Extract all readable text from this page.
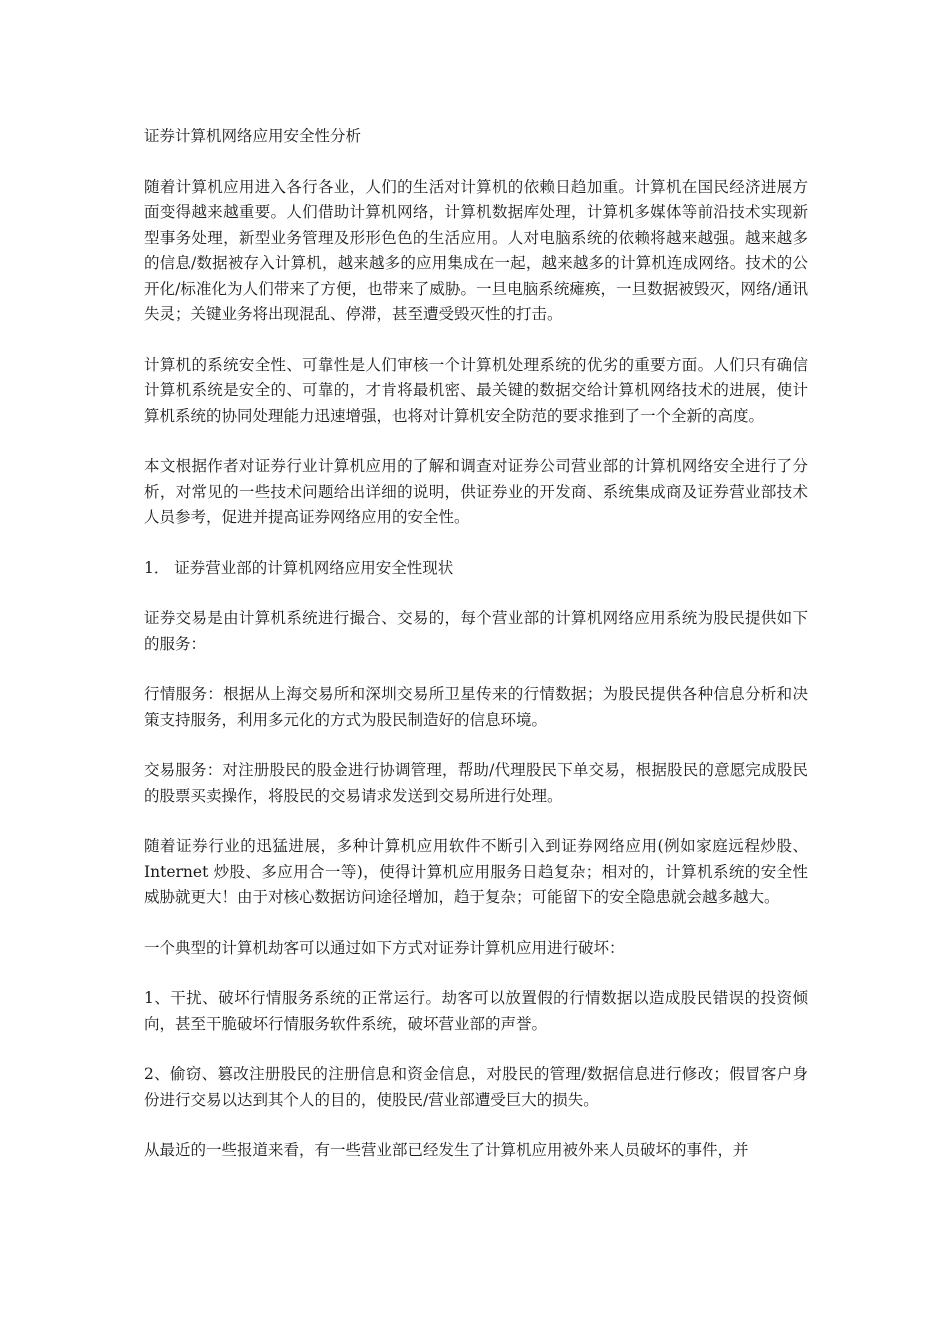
证券计算机网络应用安全性分析

随着计算机应用进入各行各业，人们的生活对计算机的依赖日趋加重。计算机在国民经济进展方面变得越来越重要。人们借助计算机网络，计算机数据库处理，计算机多媒体等前沿技术实现新型事务处理，新型业务管理及形形色色的生活应用。人对电脑系统的依赖将越来越强。越来越多的信息/数据被存入计算机，越来越多的应用集成在一起，越来越多的计算机连成网络。技术的公开化/标准化为人们带来了方便，也带来了威胁。一旦电脑系统瘫痪，一旦数据被毁灭，网络/通讯失灵；关键业务将出现混乱、停滞，甚至遭受毁灭性的打击。

计算机的系统安全性、可靠性是人们审核一个计算机处理系统的优劣的重要方面。人们只有确信计算机系统是安全的、可靠的，才肯将最机密、最关键的数据交给计算机网络技术的进展，使计算机系统的协同处理能力迅速增强，也将对计算机安全防范的要求推到了一个全新的高度。

本文根据作者对证券行业计算机应用的了解和调查对证券公司营业部的计算机网络安全进行了分析，对常见的一些技术问题给出详细的说明，供证券业的开发商、系统集成商及证券营业部技术人员参考，促进并提高证券网络应用的安全性。

1． 证券营业部的计算机网络应用安全性现状

证券交易是由计算机系统进行撮合、交易的，每个营业部的计算机网络应用系统为股民提供如下的服务：

行情服务：根据从上海交易所和深圳交易所卫星传来的行情数据；为股民提供各种信息分析和决策支持服务，利用多元化的方式为股民制造好的信息环境。

交易服务：对注册股民的股金进行协调管理，帮助/代理股民下单交易，根据股民的意愿完成股民的股票买卖操作，将股民的交易请求发送到交易所进行处理。

随着证券行业的迅猛进展，多种计算机应用软件不断引入到证券网络应用(例如家庭远程炒股、Internet 炒股、多应用合一等)，使得计算机应用服务日趋复杂；相对的，计算机系统的安全性威胁就更大！由于对核心数据访问途径增加，趋于复杂；可能留下的安全隐患就会越多越大。

一个典型的计算机劫客可以通过如下方式对证券计算机应用进行破坏：

1、干扰、破坏行情服务系统的正常运行。劫客可以放置假的行情数据以造成股民错误的投资倾向，甚至干脆破坏行情服务软件系统，破坏营业部的声誉。

2、偷窃、篡改注册股民的注册信息和资金信息，对股民的管理/数据信息进行修改；假冒客户身份进行交易以达到其个人的目的，使股民/营业部遭受巨大的损失。

从最近的一些报道来看，有一些营业部已经发生了计算机应用被外来人员破坏的事件，并
